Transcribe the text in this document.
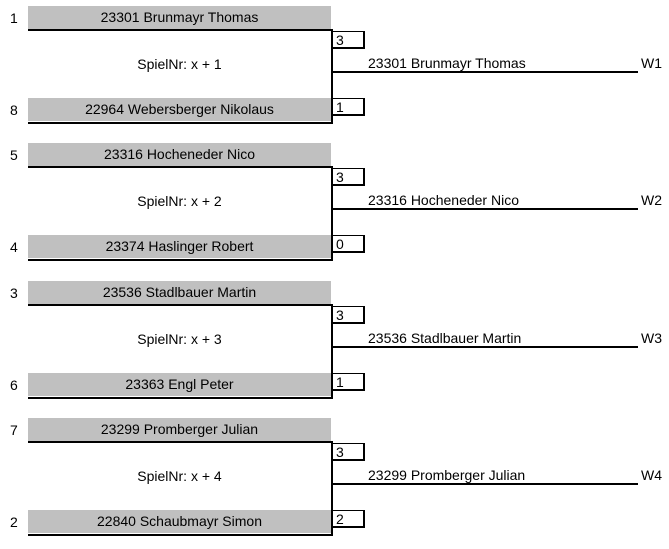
1	23301 Brunmayr Thomas
3
SpielNr: x + 1	23301 Brunmayr Thomas	W1
8	22964 Webersberger Nikolaus	1
5	23316 Hocheneder Nico
3
SpielNr: x + 2	23316 Hocheneder Nico	W2
4	23374 Haslinger Robert	0
3	23536 Stadlbauer Martin
3
SpielNr: x + 3	23536 Stadlbauer Martin	W3
6	23363 Engl Peter	1
7	23299 Promberger Julian
3
SpielNr: x + 4	23299 Promberger Julian	W4
2	22840 Schaubmayr Simon	2
